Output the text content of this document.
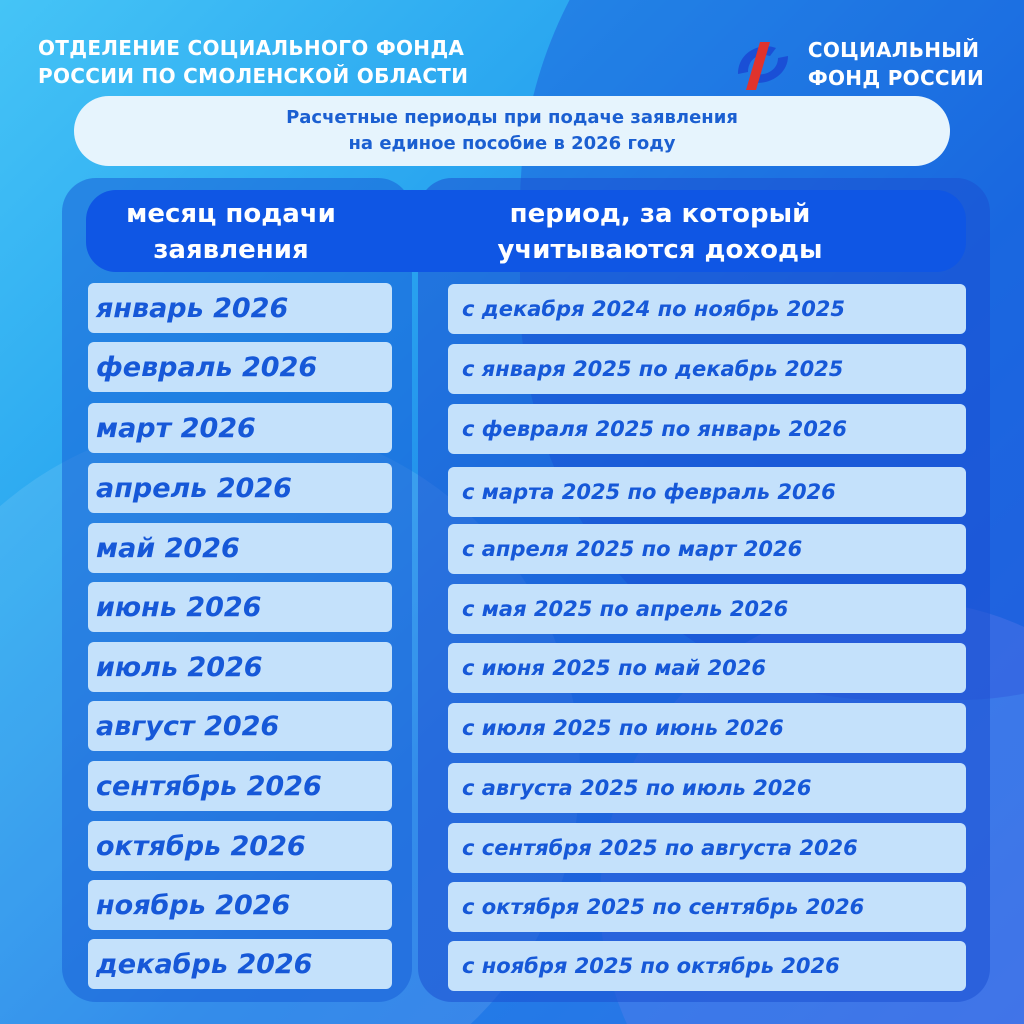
ОТДЕЛЕНИЕ СОЦИАЛЬНОГО ФОНДА
РОССИИ ПО СМОЛЕНСКОЙ ОБЛАСТИ
СОЦИАЛЬНЫЙ
ФОНД РОССИИ
Расчетные периоды при подаче заявления
на единое пособие в 2026 году
месяц подачи
заявления
период, за который
учитываются доходы
январь 2026	с декабря 2024 по ноябрь 2025
февраль 2026	с января 2025 по декабрь 2025
март 2026	с февраля 2025 по январь 2026
апрель 2026	с марта 2025 по февраль 2026
май 2026	с апреля 2025 по март 2026
июнь 2026	с мая 2025 по апрель 2026
июль 2026	с июня 2025 по май 2026
август 2026	с июля 2025 по июнь 2026
сентябрь 2026	с августа 2025 по июль 2026
октябрь 2026	с сентября 2025 по августа 2026
ноябрь 2026	с октября 2025 по сентябрь 2026
декабрь 2026	с ноября 2025 по октябрь 2026
